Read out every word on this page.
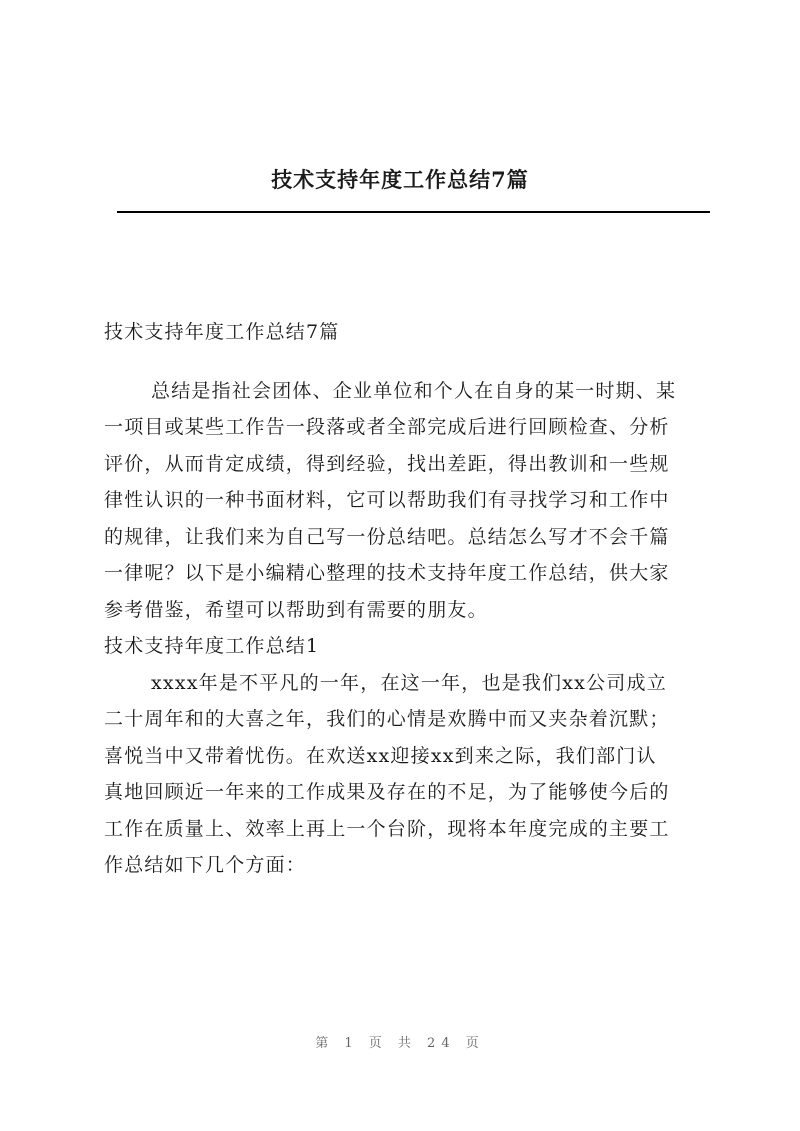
技术支持年度工作总结7篇
技术支持年度工作总结7篇
总结是指社会团体、企业单位和个人在自身的某一时期、某
一项目或某些工作告一段落或者全部完成后进行回顾检查、分析
评价，从而肯定成绩，得到经验，找出差距，得出教训和一些规
律性认识的一种书面材料，它可以帮助我们有寻找学习和工作中
的规律，让我们来为自己写一份总结吧。总结怎么写才不会千篇
一律呢？以下是小编精心整理的技术支持年度工作总结，供大家
参考借鉴，希望可以帮助到有需要的朋友。
技术支持年度工作总结1
xxxx年是不平凡的一年，在这一年，也是我们xx公司成立
二十周年和的大喜之年，我们的心情是欢腾中而又夹杂着沉默；
喜悦当中又带着忧伤。在欢送xx迎接xx到来之际，我们部门认
真地回顾近一年来的工作成果及存在的不足，为了能够使今后的
工作在质量上、效率上再上一个台阶，现将本年度完成的主要工
作总结如下几个方面：
第 1 页 共 24 页
